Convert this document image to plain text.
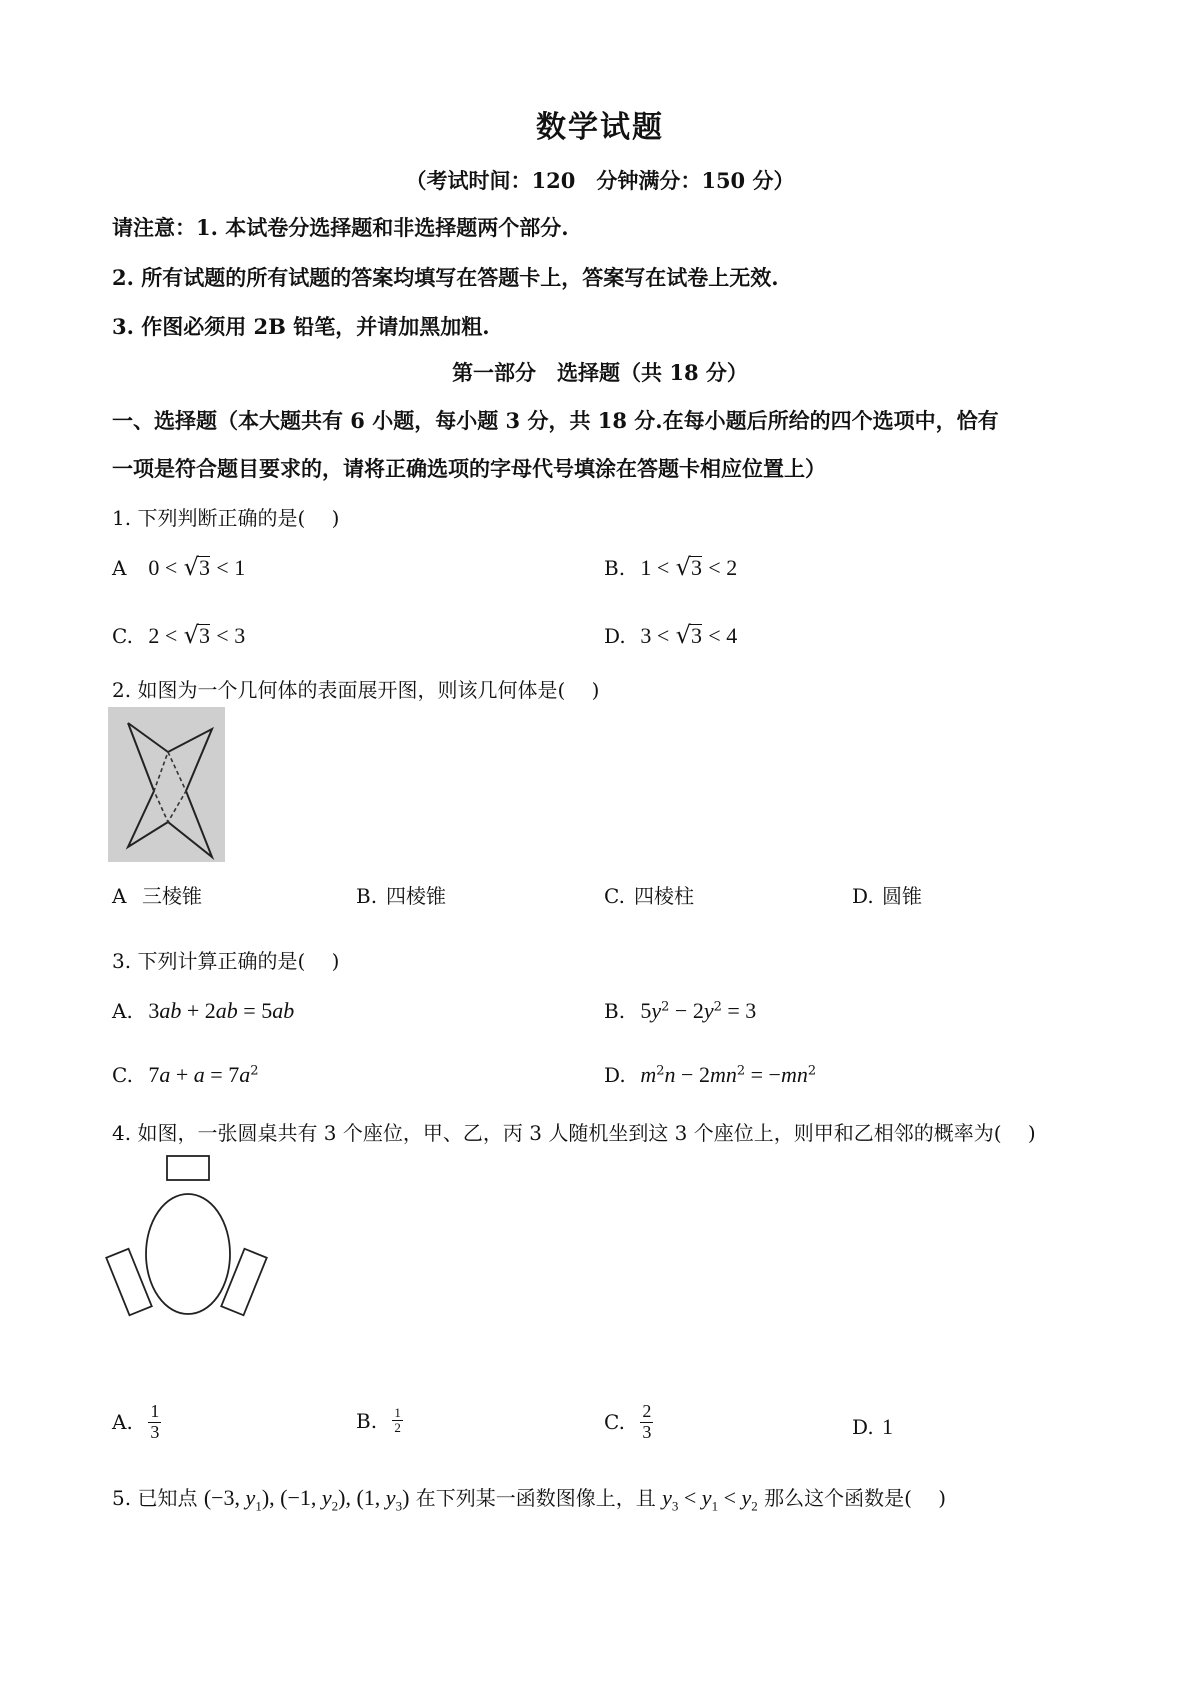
数学试题
（考试时间：120　分钟满分：150 分）
请注意：1. 本试卷分选择题和非选择题两个部分.
2. 所有试题的所有试题的答案均填写在答题卡上，答案写在试卷上无效.
3. 作图必须用 2B 铅笔，并请加黑加粗.
第一部分　选择题（共 18 分）
一、选择题（本大题共有 6 小题，每小题 3 分，共 18 分.在每小题后所给的四个选项中，恰有
一项是符合题目要求的，请将正确选项的字母代号填涂在答题卡相应位置上）
1. 下列判断正确的是(　 )
A 0 < √3 < 1	B. 1 < √3 < 2
C. 2 < √3 < 3	D. 3 < √3 < 4
2. 如图为一个几何体的表面展开图，则该几何体是(　 )
A 三棱锥	B. 四棱锥	C. 四棱柱	D. 圆锥
3. 下列计算正确的是(　 )
A. 3ab + 2ab = 5ab	B. $5y^2 - 2y^2 = 3$
C. $7a + a = 7a^2$	D. $m^2n - 2mn^2 = -mn^2$
4. 如图，一张圆桌共有 3 个座位，甲、乙，丙 3 人随机坐到这 3 个座位上，则甲和乙相邻的概率为(　 )
A. $\frac{1}{3}$	B. $\frac{1}{2}$	C. $\frac{2}{3}$	D. 1
5. 已知点 (−3, $y_1$), (−1, $y_2$), (1, $y_3$) 在下列某一函数图像上，且 $y_3 < y_1 < y_2$ 那么这个函数是(　 )
